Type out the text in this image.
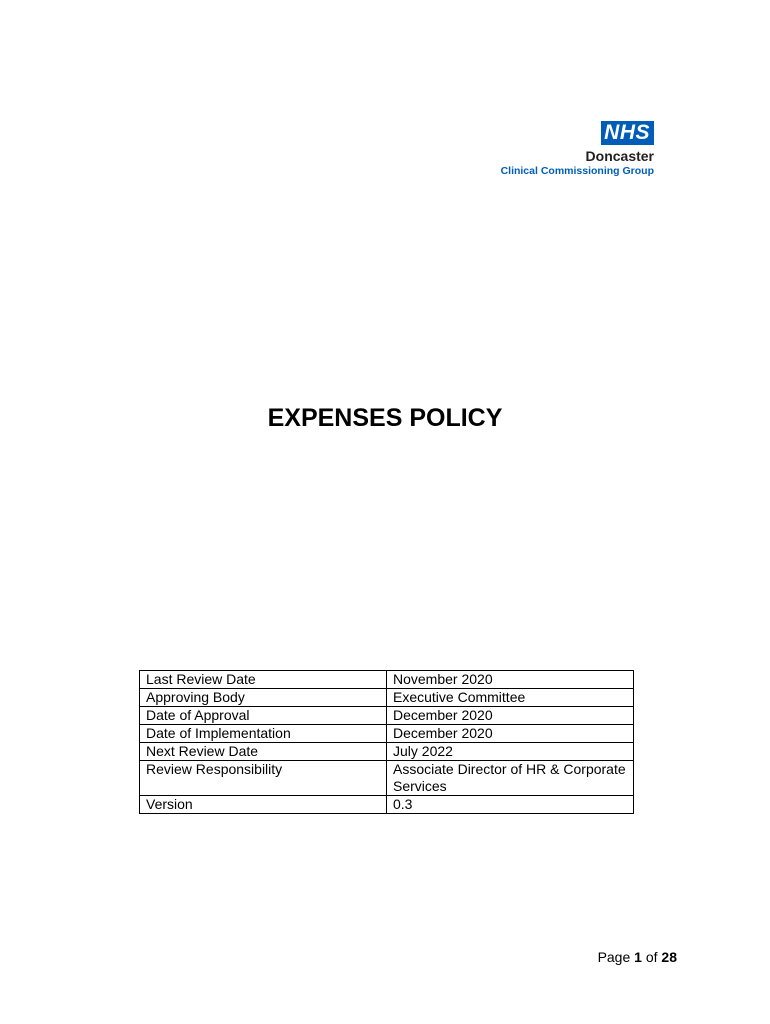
NHS
Doncaster
Clinical Commissioning Group
EXPENSES POLICY
Last Review Date	November 2020
Approving Body	Executive Committee
Date of Approval	December 2020
Date of Implementation	December 2020
Next Review Date	July 2022
Review Responsibility	Associate Director of HR & Corporate Services
Version	0.3
Page 1 of 28
